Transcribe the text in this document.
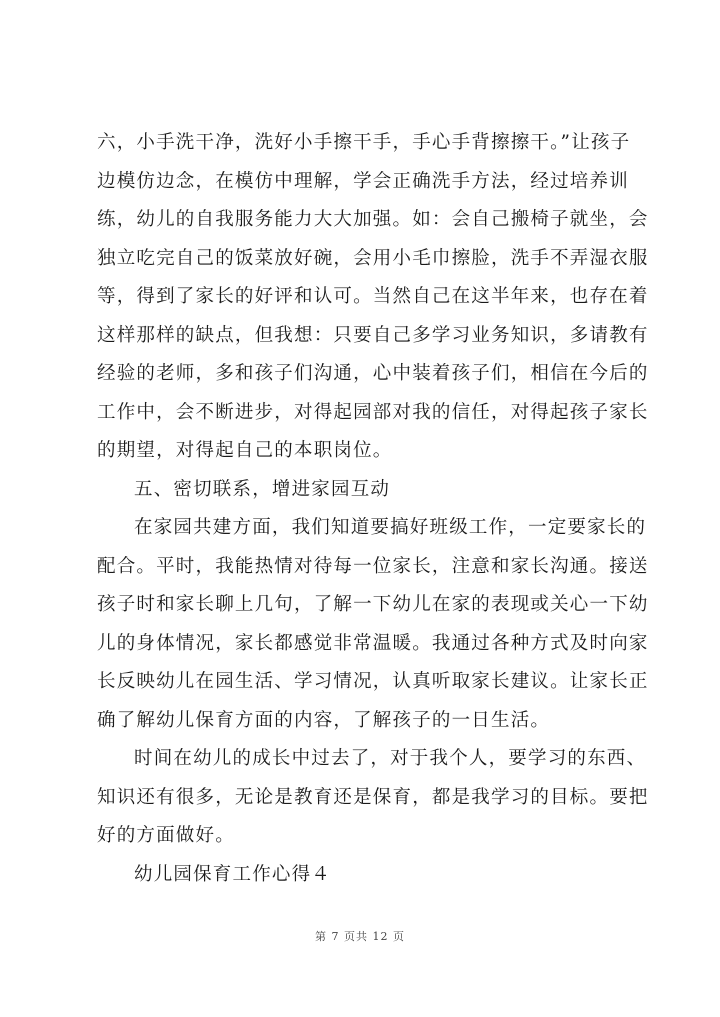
六，小手洗干净，洗好小手擦干手，手心手背擦擦干。”让孩子
边模仿边念，在模仿中理解，学会正确洗手方法，经过培养训
练，幼儿的自我服务能力大大加强。如：会自己搬椅子就坐，会
独立吃完自己的饭菜放好碗，会用小毛巾擦脸，洗手不弄湿衣服
等，得到了家长的好评和认可。当然自己在这半年来，也存在着
这样那样的缺点，但我想：只要自己多学习业务知识，多请教有
经验的老师，多和孩子们沟通，心中装着孩子们，相信在今后的
工作中，会不断进步，对得起园部对我的信任，对得起孩子家长
的期望，对得起自己的本职岗位。
五、密切联系，增进家园互动
在家园共建方面，我们知道要搞好班级工作，一定要家长的
配合。平时，我能热情对待每一位家长，注意和家长沟通。接送
孩子时和家长聊上几句，了解一下幼儿在家的表现或关心一下幼
儿的身体情况，家长都感觉非常温暖。我通过各种方式及时向家
长反映幼儿在园生活、学习情况，认真听取家长建议。让家长正
确了解幼儿保育方面的内容，了解孩子的一日生活。
时间在幼儿的成长中过去了，对于我个人，要学习的东西、
知识还有很多，无论是教育还是保育，都是我学习的目标。要把
好的方面做好。
幼儿园保育工作心得４
第 7 页共 12 页
